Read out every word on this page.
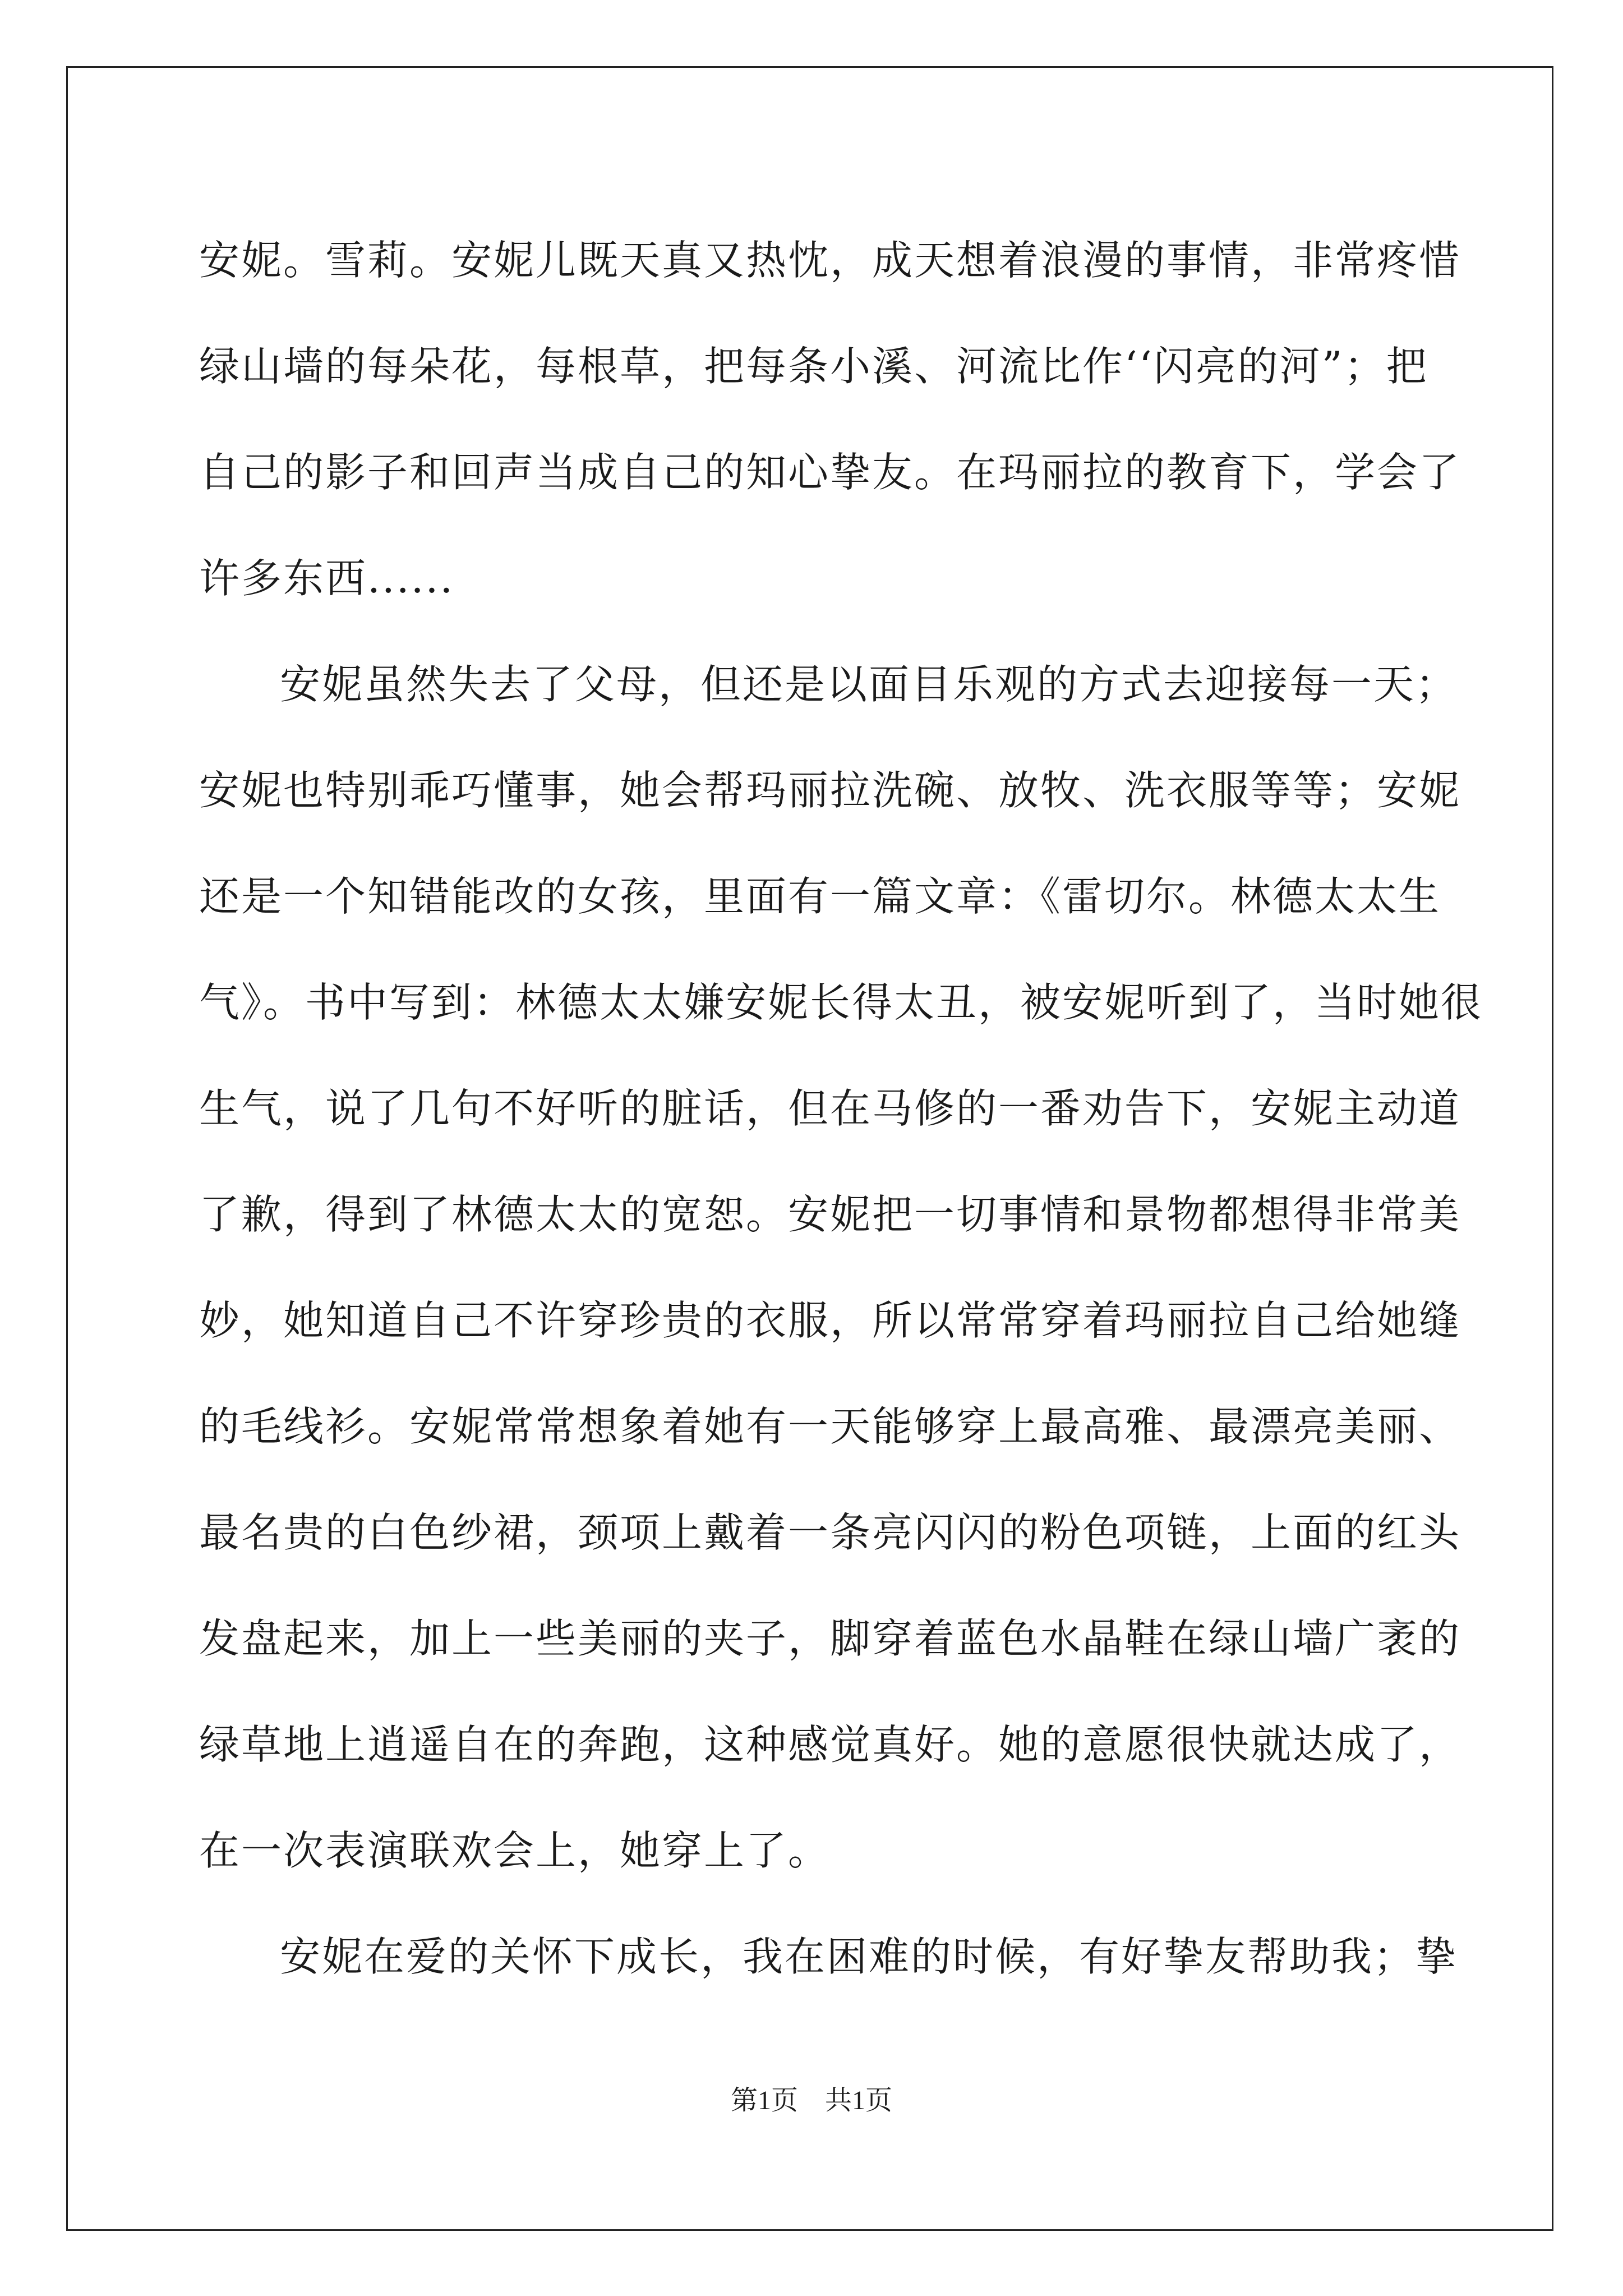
安妮。雪莉。安妮儿既天真又热忱，成天想着浪漫的事情，非常疼惜
绿山墙的每朵花，每根草，把每条小溪、河流比作‘‘闪亮的河”；把
自己的影子和回声当成自己的知心挚友。在玛丽拉的教育下，学会了
许多东西......
安妮虽然失去了父母，但还是以面目乐观的方式去迎接每一天；
安妮也特别乖巧懂事，她会帮玛丽拉洗碗、放牧、洗衣服等等；安妮
还是一个知错能改的女孩，里面有一篇文章：《雷切尔。林德太太生
气》。书中写到：林德太太嫌安妮长得太丑，被安妮听到了，当时她很
生气，说了几句不好听的脏话，但在马修的一番劝告下，安妮主动道
了歉，得到了林德太太的宽恕。安妮把一切事情和景物都想得非常美
妙，她知道自己不许穿珍贵的衣服，所以常常穿着玛丽拉自己给她缝
的毛线衫。安妮常常想象着她有一天能够穿上最高雅、最漂亮美丽、
最名贵的白色纱裙，颈项上戴着一条亮闪闪的粉色项链，上面的红头
发盘起来，加上一些美丽的夹子，脚穿着蓝色水晶鞋在绿山墙广袤的
绿草地上逍遥自在的奔跑，这种感觉真好。她的意愿很快就达成了，
在一次表演联欢会上，她穿上了。
安妮在爱的关怀下成长，我在困难的时候，有好挚友帮助我；挚
第1页　共1页
